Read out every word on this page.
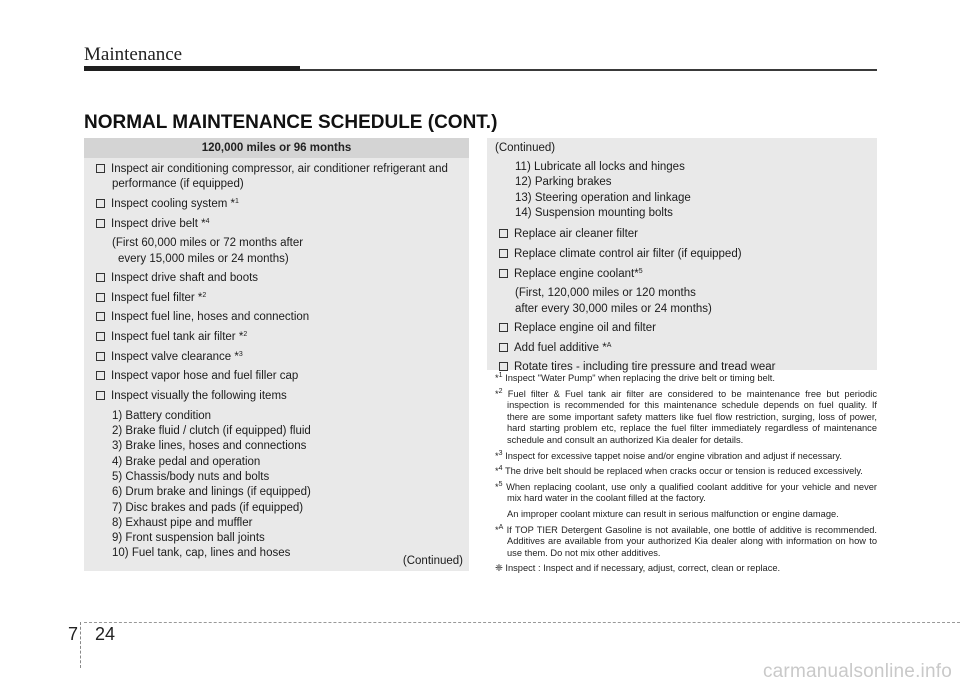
Maintenance
NORMAL MAINTENANCE SCHEDULE (CONT.)
120,000 miles or 96 months
Inspect air conditioning compressor, air conditioner refrigerant and
performance (if equipped)
Inspect cooling system *$^1$
Inspect drive belt *$^4$
(First 60,000 miles or 72 months after
every 15,000 miles or 24 months)
Inspect drive shaft and boots
Inspect fuel filter *$^2$
Inspect fuel line, hoses and connection
Inspect fuel tank air filter *$^2$
Inspect valve clearance *$^3$
Inspect vapor hose and fuel filler cap
Inspect visually the following items
1) Battery condition
2) Brake fluid / clutch (if equipped) fluid
3) Brake lines, hoses and connections
4) Brake pedal and operation
5) Chassis/body nuts and bolts
6) Drum brake and linings (if equipped)
7) Disc brakes and pads (if equipped)
8) Exhaust pipe and muffler
9) Front suspension ball joints
10) Fuel tank, cap, lines and hoses
(Continued)
(Continued)
11) Lubricate all locks and hinges
12) Parking brakes
13) Steering operation and linkage
14) Suspension mounting bolts
Replace air cleaner filter
Replace climate control air filter (if equipped)
Replace engine coolant*$^5$
(First, 120,000 miles or 120 months
after every 30,000 miles or 24 months)
Replace engine oil and filter
Add fuel additive *$^A$
Rotate tires - including tire pressure and tread wear
*$^1$ Inspect "Water Pump" when replacing the drive belt or timing belt.
*$^2$ Fuel filter & Fuel tank air filter are considered to be maintenance free but periodic inspection is recommended for this maintenance schedule depends on fuel quality. If there are some important safety matters like fuel flow restriction, surging, loss of power, hard starting problem etc, replace the fuel filter immediately regardless of maintenance schedule and consult an authorized Kia dealer for details.
*$^3$ Inspect for excessive tappet noise and/or engine vibration and adjust if necessary.
*$^4$ The drive belt should be replaced when cracks occur or tension is reduced excessively.
*$^5$ When replacing coolant, use only a qualified coolant additive for your vehicle and never mix hard water in the coolant filled at the factory.
An improper coolant mixture can result in serious malfunction or engine damage.
*$^A$ If TOP TIER Detergent Gasoline is not available, one bottle of additive is recommended. Additives are available from your authorized Kia dealer along with information on how to use them. Do not mix other additives.
❈ Inspect : Inspect and if necessary, adjust, correct, clean or replace.
7 24
carmanualsonline.info
